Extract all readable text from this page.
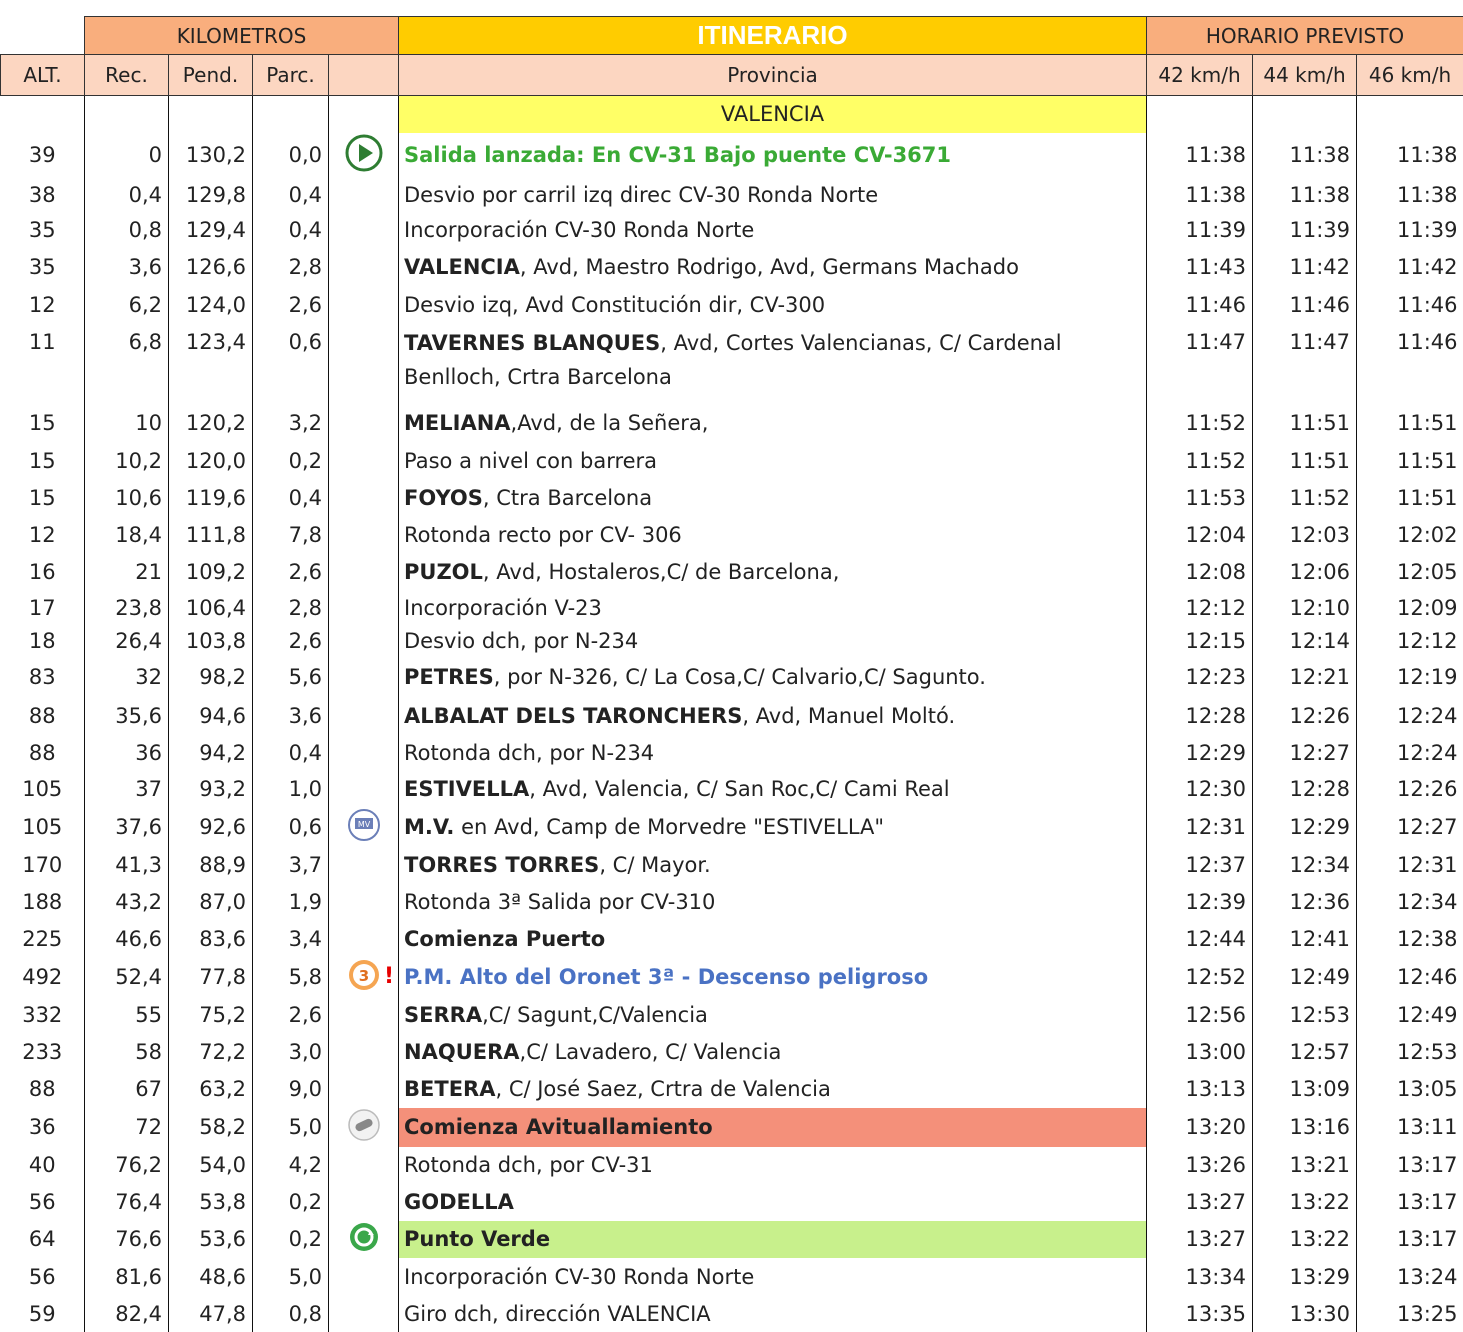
	KILOMETROS				ITINERARIO	HORARIO PREVISTO		
ALT.	Rec.	Pend.	Parc.		Provincia	42 km/h	44 km/h	46 km/h
					VALENCIA			
39	0	130,2	0,0		Salida lanzada: En CV-31 Bajo puente CV-3671	11:38	11:38	11:38
38	0,4	129,8	0,4		Desvio por carril izq direc CV-30 Ronda Norte	11:38	11:38	11:38
35	0,8	129,4	0,4		Incorporación CV-30 Ronda Norte	11:39	11:39	11:39
35	3,6	126,6	2,8		VALENCIA, Avd, Maestro Rodrigo, Avd, Germans Machado	11:43	11:42	11:42
12	6,2	124,0	2,6		Desvio izq, Avd Constitución dir, CV-300	11:46	11:46	11:46
11	6,8	123,4	0,6		TAVERNES BLANQUES, Avd, Cortes Valencianas, C/ Cardenal Benlloch, Crtra Barcelona	11:47	11:47	11:46
15	10	120,2	3,2		MELIANA,Avd, de la Señera,	11:52	11:51	11:51
15	10,2	120,0	0,2		Paso a nivel con barrera	11:52	11:51	11:51
15	10,6	119,6	0,4		FOYOS, Ctra Barcelona	11:53	11:52	11:51
12	18,4	111,8	7,8		Rotonda recto por CV- 306	12:04	12:03	12:02
16	21	109,2	2,6		PUZOL, Avd, Hostaleros,C/ de Barcelona,	12:08	12:06	12:05
17	23,8	106,4	2,8		Incorporación V-23	12:12	12:10	12:09
18	26,4	103,8	2,6		Desvio dch, por N-234	12:15	12:14	12:12
83	32	98,2	5,6		PETRES, por N-326, C/ La Cosa,C/ Calvario,C/ Sagunto.	12:23	12:21	12:19
88	35,6	94,6	3,6		ALBALAT DELS TARONCHERS, Avd, Manuel Moltó.	12:28	12:26	12:24
88	36	94,2	0,4		Rotonda dch, por N-234	12:29	12:27	12:24
105	37	93,2	1,0		ESTIVELLA, Avd, Valencia, C/ San Roc,C/ Cami Real	12:30	12:28	12:26
105	37,6	92,6	0,6	MV	M.V. en Avd, Camp de Morvedre "ESTIVELLA"	12:31	12:29	12:27
170	41,3	88,9	3,7		TORRES TORRES, C/ Mayor.	12:37	12:34	12:31
188	43,2	87,0	1,9		Rotonda 3ª Salida por CV-310	12:39	12:36	12:34
225	46,6	83,6	3,4		Comienza Puerto	12:44	12:41	12:38
492	52,4	77,8	5,8	3 !	P.M. Alto del Oronet 3ª - Descenso peligroso	12:52	12:49	12:46
332	55	75,2	2,6		SERRA,C/ Sagunt,C/Valencia	12:56	12:53	12:49
233	58	72,2	3,0		NAQUERA,C/ Lavadero, C/ Valencia	13:00	12:57	12:53
88	67	63,2	9,0		BETERA, C/ José Saez, Crtra de Valencia	13:13	13:09	13:05
36	72	58,2	5,0		Comienza Avituallamiento	13:20	13:16	13:11
40	76,2	54,0	4,2		Rotonda dch, por CV-31	13:26	13:21	13:17
56	76,4	53,8	0,2		GODELLA	13:27	13:22	13:17
64	76,6	53,6	0,2		Punto Verde	13:27	13:22	13:17
56	81,6	48,6	5,0		Incorporación CV-30 Ronda Norte	13:34	13:29	13:24
59	82,4	47,8	0,8		Giro dch, dirección VALENCIA	13:35	13:30	13:25
